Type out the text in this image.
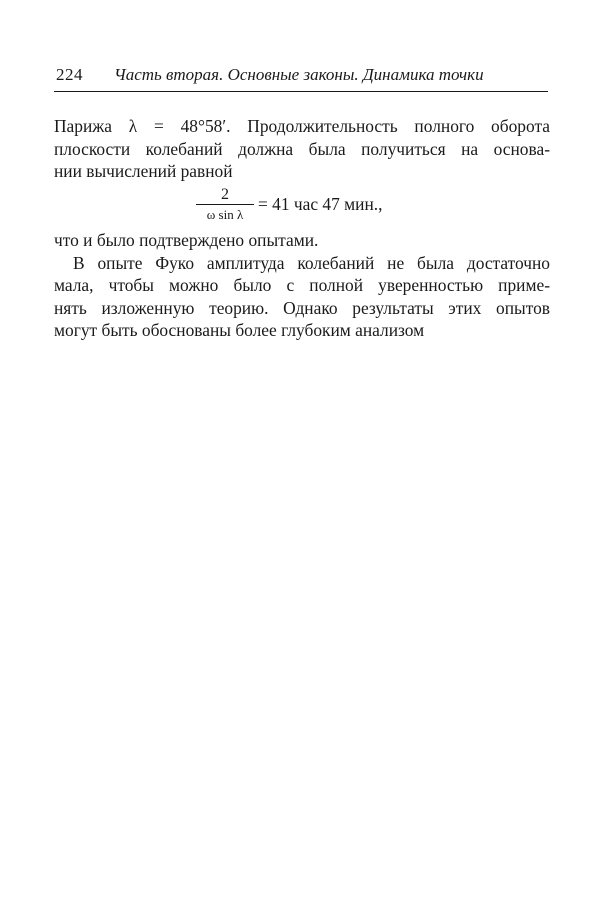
224 Часть вторая. Основные законы. Динамика точки
Парижа λ = 48°58′. Продолжительность полного оборота
плоскости колебаний должна была получиться на основа-
нии вычислений равной
$\frac{2}{\text{ω sin λ}} = 41$ час 47 мин.,
что и было подтверждено опытами.
В опыте Фуко амплитуда колебаний не была достаточно
мала, чтобы можно было с полной уверенностью приме-
нять изложенную теорию. Однако результаты этих опытов
могут быть обоснованы более глубоким анализом
